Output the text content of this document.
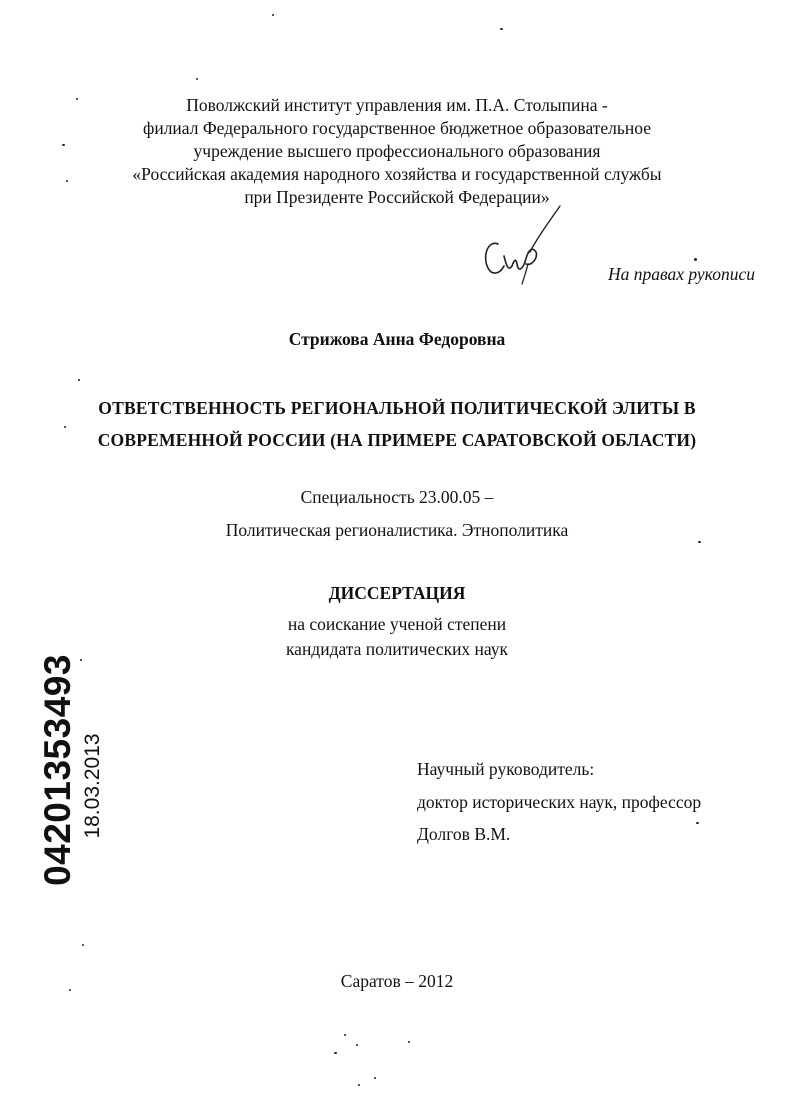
Поволжский институт управления им. П.А. Столыпина -
филиал Федерального государственное бюджетное образовательное
учреждение высшего профессионального образования
«Российская академия народного хозяйства и государственной службы
при Президенте Российской Федерации»
На правах рукописи
Стрижова Анна Федоровна
ОТВЕТСТВЕННОСТЬ РЕГИОНАЛЬНОЙ ПОЛИТИЧЕСКОЙ ЭЛИТЫ В
СОВРЕМЕННОЙ РОССИИ (НА ПРИМЕРЕ САРАТОВСКОЙ ОБЛАСТИ)
Специальность 23.00.05 –
Политическая регионалистика. Этнополитика
ДИССЕРТАЦИЯ
на соискание ученой степени
кандидата политических наук
04201353493 18.03.2013	Научный руководитель:
доктор исторических наук, профессор
Долгов В.М.
Саратов – 2012
